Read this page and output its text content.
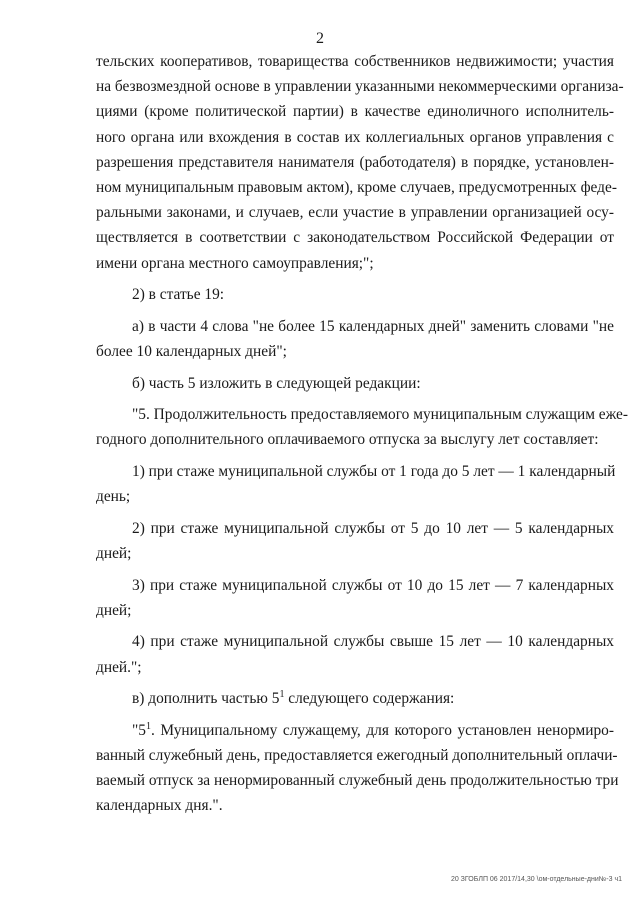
2
тельских кооперативов, товарищества собственников недвижимости; участия
на безвозмездной основе в управлении указанными некоммерческими организа-
циями (кроме политической партии) в качестве единоличного исполнитель-
ного органа или вхождения в состав их коллегиальных органов управления с
разрешения представителя нанимателя (работодателя) в порядке, установлен-
ном муниципальным правовым актом), кроме случаев, предусмотренных феде-
ральными законами, и случаев, если участие в управлении организацией осу-
ществляется в соответствии с законодательством Российской Федерации от
имени органа местного самоуправления;";
2) в статье 19:
а) в части 4 слова "не более 15 календарных дней" заменить словами "не
более 10 календарных дней";
б) часть 5 изложить в следующей редакции:
"5. Продолжительность предоставляемого муниципальным служащим еже-
годного дополнительного оплачиваемого отпуска за выслугу лет составляет:
1) при стаже муниципальной службы от 1 года до 5 лет — 1 календарный
день;
2) при стаже муниципальной службы от 5 до 10 лет — 5 календарных
дней;
3) при стаже муниципальной службы от 10 до 15 лет — 7 календарных
дней;
4) при стаже муниципальной службы свыше 15 лет — 10 календарных
дней.";
в) дополнить частью $5^1$ следующего содержания:
"$5^1$. Муниципальному служащему, для которого установлен ненормиро-
ванный служебный день, предоставляется ежегодный дополнительный оплачи-
ваемый отпуск за ненормированный служебный день продолжительностью три
календарных дня.".
20 ЗГОБЛП 06 2017/14,30 \ом-отдельные-дни№-3 ч1
